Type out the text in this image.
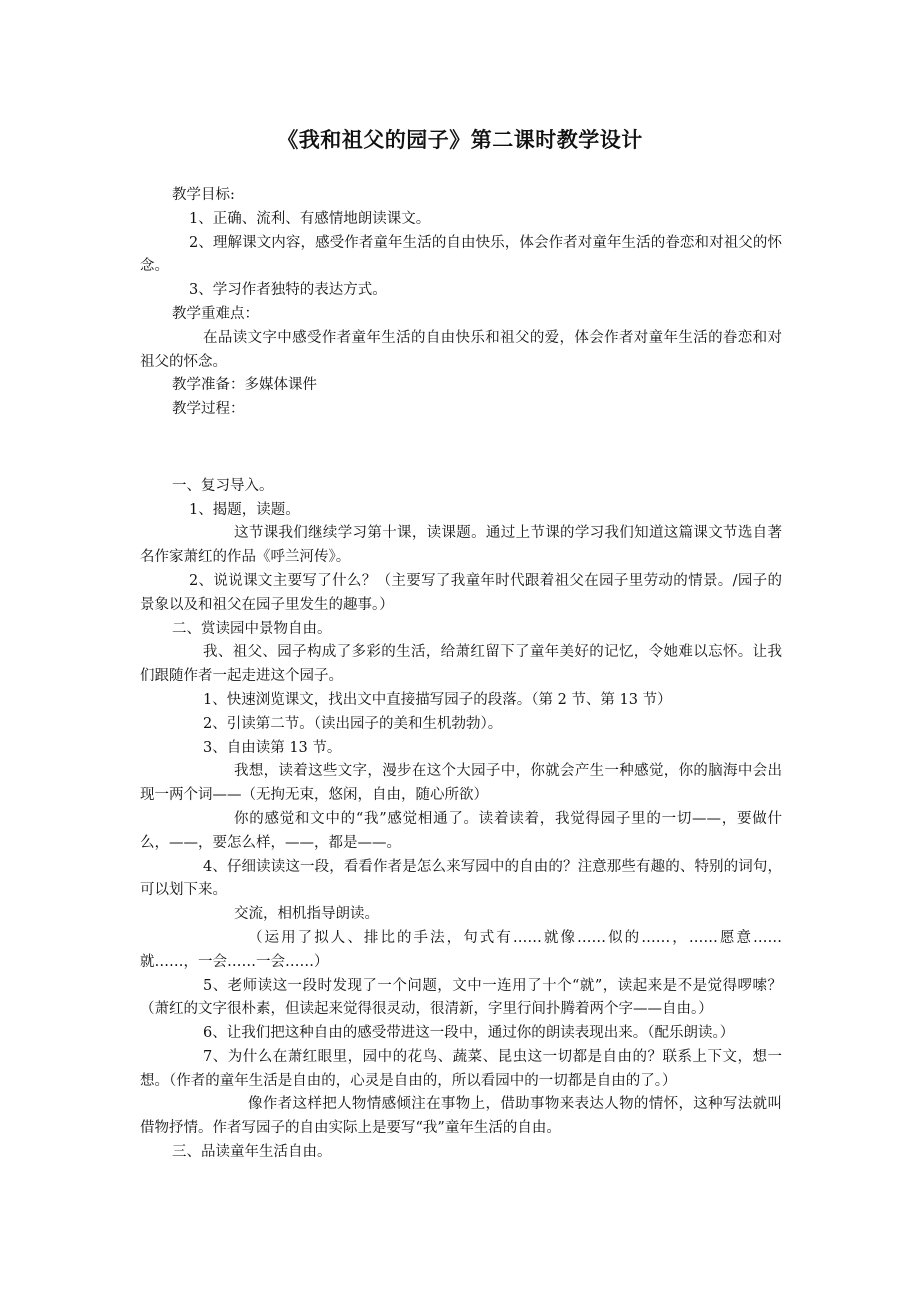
《我和祖父的园子》第二课时教学设计

教学目标:

1、正确、流利、有感情地朗读课文。

2、理解课文内容，感受作者童年生活的自由快乐，体会作者对童年生活的眷恋和对祖父的怀念。

3、学习作者独特的表达方式。

教学重难点：

在品读文字中感受作者童年生活的自由快乐和祖父的爱，体会作者对童年生活的眷恋和对祖父的怀念。

教学准备：多媒体课件

教学过程：

一、复习导入。

1、揭题，读题。

这节课我们继续学习第十课，读课题。通过上节课的学习我们知道这篇课文节选自著名作家萧红的作品《呼兰河传》。

2、说说课文主要写了什么？（主要写了我童年时代跟着祖父在园子里劳动的情景。/园子的景象以及和祖父在园子里发生的趣事。）

二、赏读园中景物自由。

我、祖父、园子构成了多彩的生活，给萧红留下了童年美好的记忆，令她难以忘怀。让我们跟随作者一起走进这个园子。

1、快速浏览课文，找出文中直接描写园子的段落。（第 2 节、第 13 节）

2、引读第二节。（读出园子的美和生机勃勃）。

3、自由读第 13 节。

我想，读着这些文字，漫步在这个大园子中，你就会产生一种感觉，你的脑海中会出现一两个词——（无拘无束，悠闲，自由，随心所欲）

你的感觉和文中的“我”感觉相通了。读着读着，我觉得园子里的一切——，要做什么，——，要怎么样，——，都是——。

4、仔细读读这一段，看看作者是怎么来写园中的自由的？注意那些有趣的、特别的词句，可以划下来。

交流，相机指导朗读。

（运用了拟人、排比的手法，句式有……就像……似的……，……愿意……就……，一会……一会……）

5、老师读这一段时发现了一个问题，文中一连用了十个“就”，读起来是不是觉得啰嗦？（萧红的文字很朴素，但读起来觉得很灵动，很清新，字里行间扑腾着两个字——自由。）

6、让我们把这种自由的感受带进这一段中，通过你的朗读表现出来。（配乐朗读。）

7、为什么在萧红眼里，园中的花鸟、蔬菜、昆虫这一切都是自由的？联系上下文，想一想。（作者的童年生活是自由的，心灵是自由的，所以看园中的一切都是自由的了。）

像作者这样把人物情感倾注在事物上，借助事物来表达人物的情怀，这种写法就叫借物抒情。作者写园子的自由实际上是要写“我”童年生活的自由。

三、品读童年生活自由。
